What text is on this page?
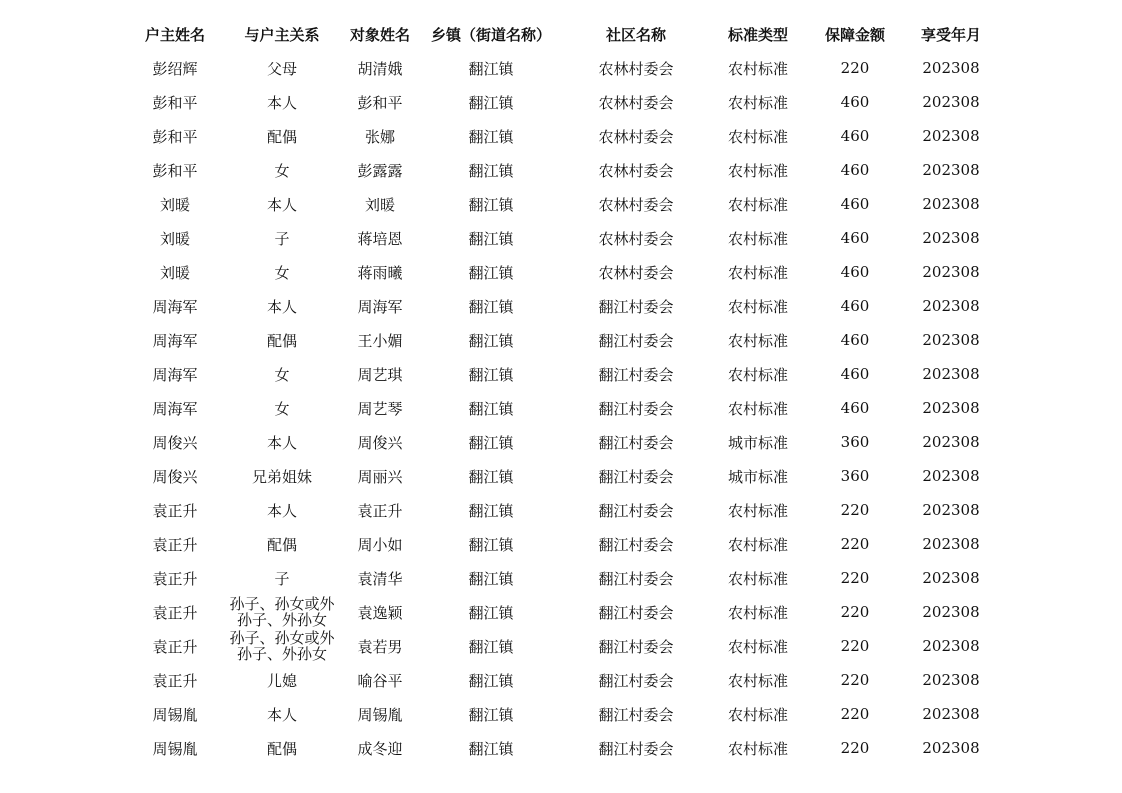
户主姓名	与户主关系	对象姓名	乡镇（街道名称）	社区名称	标准类型	保障金额	享受年月
彭绍辉	父母	胡清娥	翻江镇	农林村委会	农村标准	220	202308
彭和平	本人	彭和平	翻江镇	农林村委会	农村标准	460	202308
彭和平	配偶	张娜	翻江镇	农林村委会	农村标准	460	202308
彭和平	女	彭露露	翻江镇	农林村委会	农村标准	460	202308
刘暖	本人	刘暖	翻江镇	农林村委会	农村标准	460	202308
刘暖	子	蒋培恩	翻江镇	农林村委会	农村标准	460	202308
刘暖	女	蒋雨曦	翻江镇	农林村委会	农村标准	460	202308
周海军	本人	周海军	翻江镇	翻江村委会	农村标准	460	202308
周海军	配偶	王小媚	翻江镇	翻江村委会	农村标准	460	202308
周海军	女	周艺琪	翻江镇	翻江村委会	农村标准	460	202308
周海军	女	周艺琴	翻江镇	翻江村委会	农村标准	460	202308
周俊兴	本人	周俊兴	翻江镇	翻江村委会	城市标准	360	202308
周俊兴	兄弟姐妹	周丽兴	翻江镇	翻江村委会	城市标准	360	202308
袁正升	本人	袁正升	翻江镇	翻江村委会	农村标准	220	202308
袁正升	配偶	周小如	翻江镇	翻江村委会	农村标准	220	202308
袁正升	子	袁清华	翻江镇	翻江村委会	农村标准	220	202308
袁正升	孙子、孙女或外孙子、外孙女	袁逸颖	翻江镇	翻江村委会	农村标准	220	202308
袁正升	孙子、孙女或外孙子、外孙女	袁若男	翻江镇	翻江村委会	农村标准	220	202308
袁正升	儿媳	喻谷平	翻江镇	翻江村委会	农村标准	220	202308
周锡胤	本人	周锡胤	翻江镇	翻江村委会	农村标准	220	202308
周锡胤	配偶	成冬迎	翻江镇	翻江村委会	农村标准	220	202308
